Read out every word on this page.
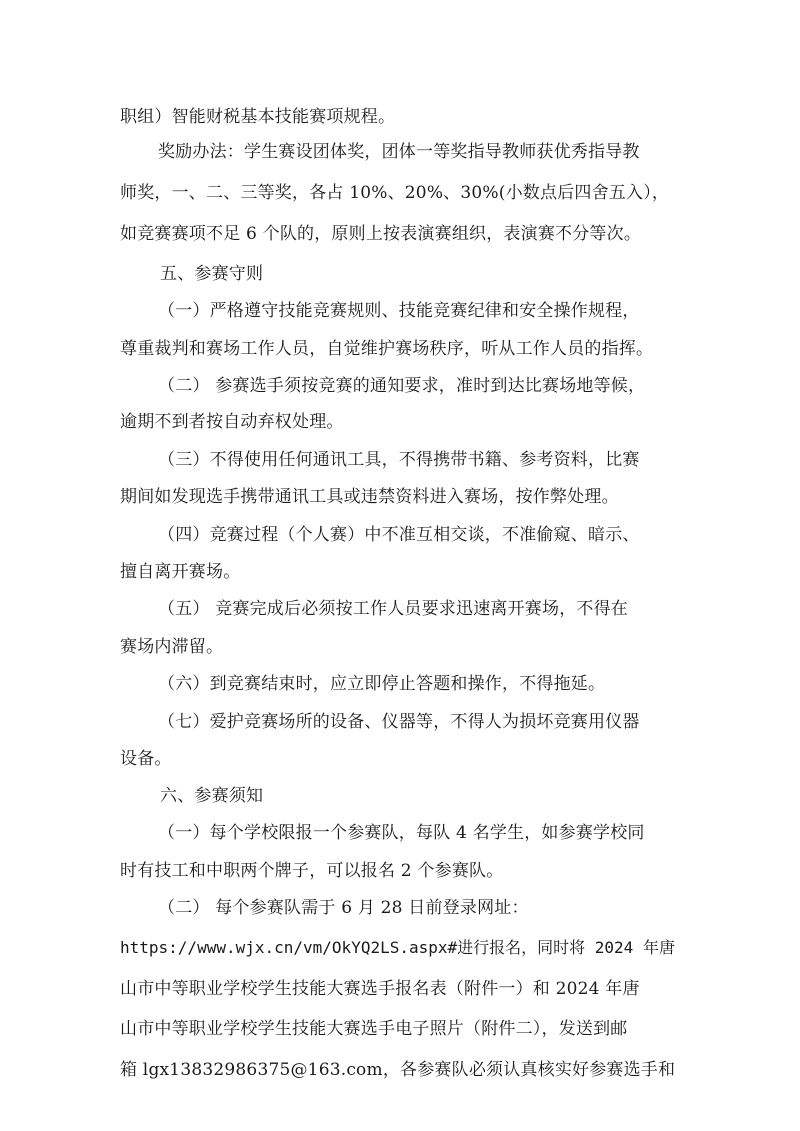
职组）智能财税基本技能赛项规程。
奖励办法：学生赛设团体奖，团体一等奖指导教师获优秀指导教
师奖，一、二、三等奖，各占 10%、20%、30%(小数点后四舍五入），
如竞赛赛项不足 6 个队的，原则上按表演赛组织，表演赛不分等次。
五、参赛守则
（一）严格遵守技能竞赛规则、技能竞赛纪律和安全操作规程，
尊重裁判和赛场工作人员，自觉维护赛场秩序，听从工作人员的指挥。
（二） 参赛选手须按竞赛的通知要求，准时到达比赛场地等候，
逾期不到者按自动弃权处理。
（三）不得使用任何通讯工具，不得携带书籍、参考资料，比赛
期间如发现选手携带通讯工具或违禁资料进入赛场，按作弊处理。
（四）竞赛过程（个人赛）中不准互相交谈，不准偷窥、暗示、
擅自离开赛场。
（五） 竞赛完成后必须按工作人员要求迅速离开赛场，不得在
赛场内滞留。
（六）到竞赛结束时，应立即停止答题和操作，不得拖延。
（七）爱护竞赛场所的设备、仪器等，不得人为损坏竞赛用仪器
设备。
六、参赛须知
（一）每个学校限报一个参赛队，每队 4 名学生，如参赛学校同
时有技工和中职两个牌子，可以报名 2 个参赛队。
（二） 每个参赛队需于 6 月 28 日前登录网址：
https://www.wjx.cn/vm/OkYQ2LS.aspx#进行报名，同时将 2024 年唐
山市中等职业学校学生技能大赛选手报名表（附件一）和 2024 年唐
山市中等职业学校学生技能大赛选手电子照片（附件二），发送到邮
箱 lgx13832986375@163.com，各参赛队必须认真核实好参赛选手和
